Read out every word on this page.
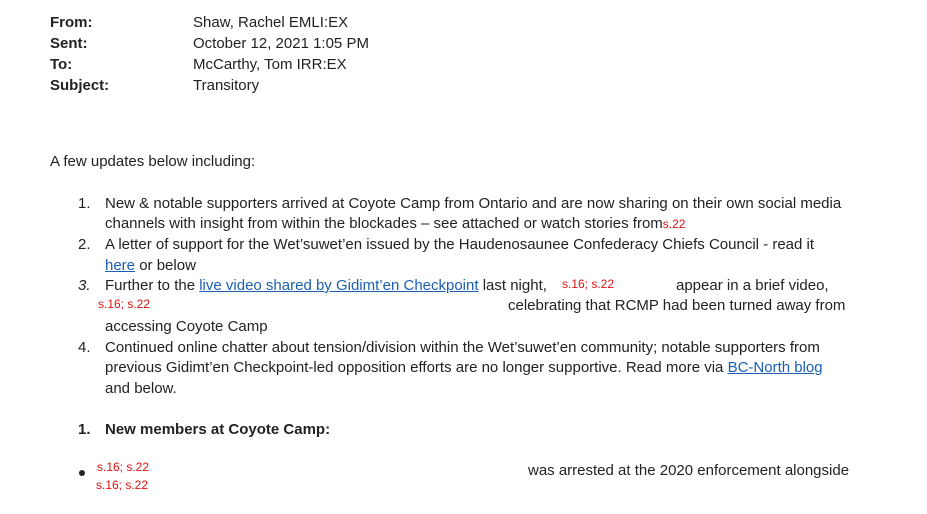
From:	Shaw, Rachel EMLI:EX
Sent:	October 12, 2021 1:05 PM
To:	McCarthy, Tom IRR:EX
Subject:	Transitory
A few updates below including:
1. New & notable supporters arrived at Coyote Camp from Ontario and are now sharing on their own social media
channels with insight from within the blockades – see attached or watch stories froms.22
2. A letter of support for the Wet’suwet’en issued by the Haudenosaunee Confederacy Chiefs Council - read it
here or below
3. Further to the live video shared by Gidimt’en Checkpoint last night, s.16; s.22	appear in a brief video,
s.16; s.22	celebrating that RCMP had been turned away from
accessing Coyote Camp
4. Continued online chatter about tension/division within the Wet’suwet’en community; notable supporters from
previous Gidimt’en Checkpoint-led opposition efforts are no longer supportive. Read more via BC-North blog
and below.
1. New members at Coyote Camp:
s.16; s.22
s.16; s.22
was arrested at the 2020 enforcement alongside
